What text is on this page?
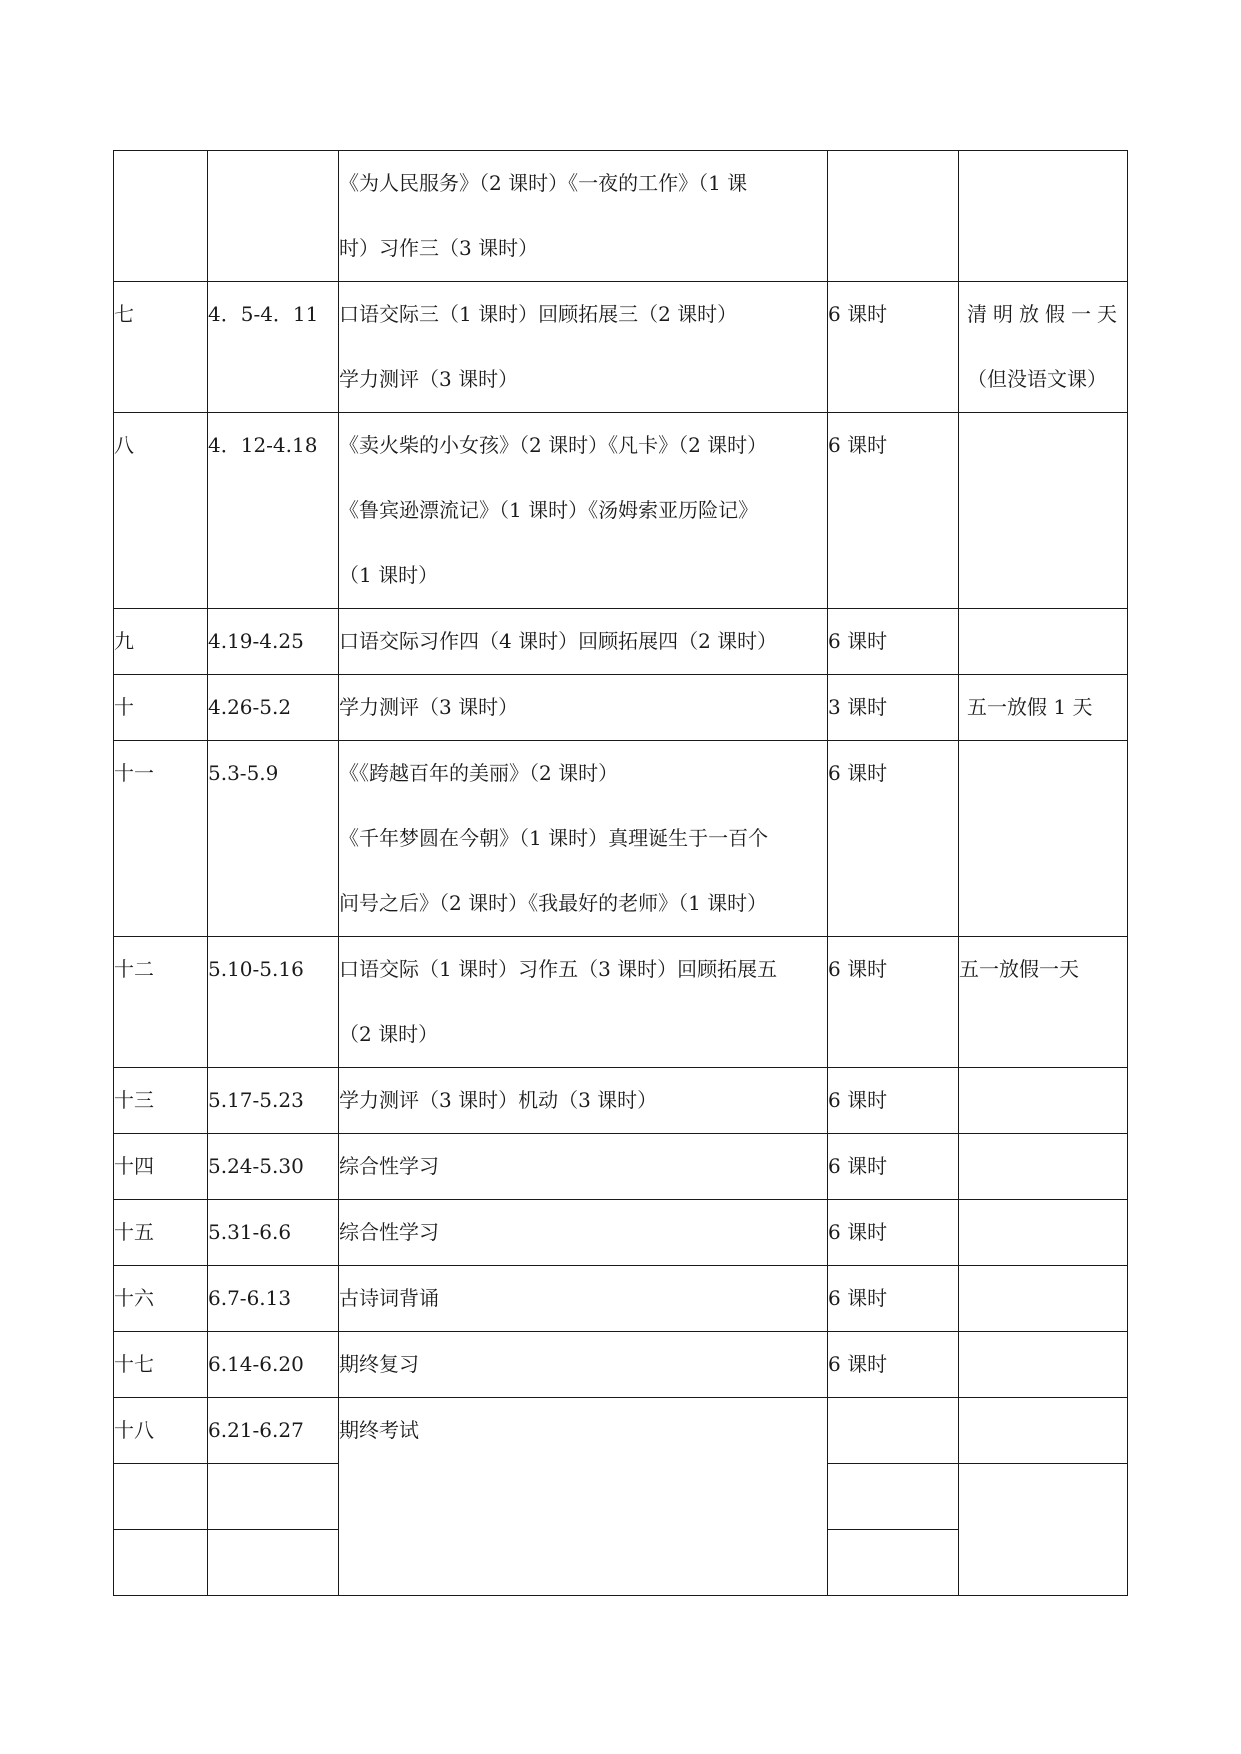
		《为人民服务》（2 课时）《一夜的工作》（1 课
时）习作三（3 课时）		

七	4．5-4．11	口语交际三（1 课时）回顾拓展三（2 课时）
学力测评（3 课时）	6 课时	清明放假一天
（但没语文课）

八	4．12-4.18	《卖火柴的小女孩》（2 课时）《凡卡》（2 课时）
《鲁宾逊漂流记》（1 课时）《汤姆索亚历险记》
（1 课时）	6 课时	

九	4.19-4.25	口语交际习作四（4 课时）回顾拓展四（2 课时）	6 课时	

十	4.26-5.2	学力测评（3 课时）	3 课时	五一放假 1 天

十一	5.3-5.9	《《跨越百年的美丽》（2 课时）
《千年梦圆在今朝》（1 课时）真理诞生于一百个
问号之后》（2 课时）《我最好的老师》（1 课时）	6 课时	

十二	5.10-5.16	口语交际（1 课时）习作五（3 课时）回顾拓展五
（2 课时）	6 课时	五一放假一天

十三	5.17-5.23	学力测评（3 课时）机动（3 课时）	6 课时	

十四	5.24-5.30	综合性学习	6 课时	

十五	5.31-6.6	综合性学习	6 课时	

十六	6.7-6.13	古诗词背诵	6 课时	

十七	6.14-6.20	期终复习	6 课时	

十八	6.21-6.27	期终考试		
